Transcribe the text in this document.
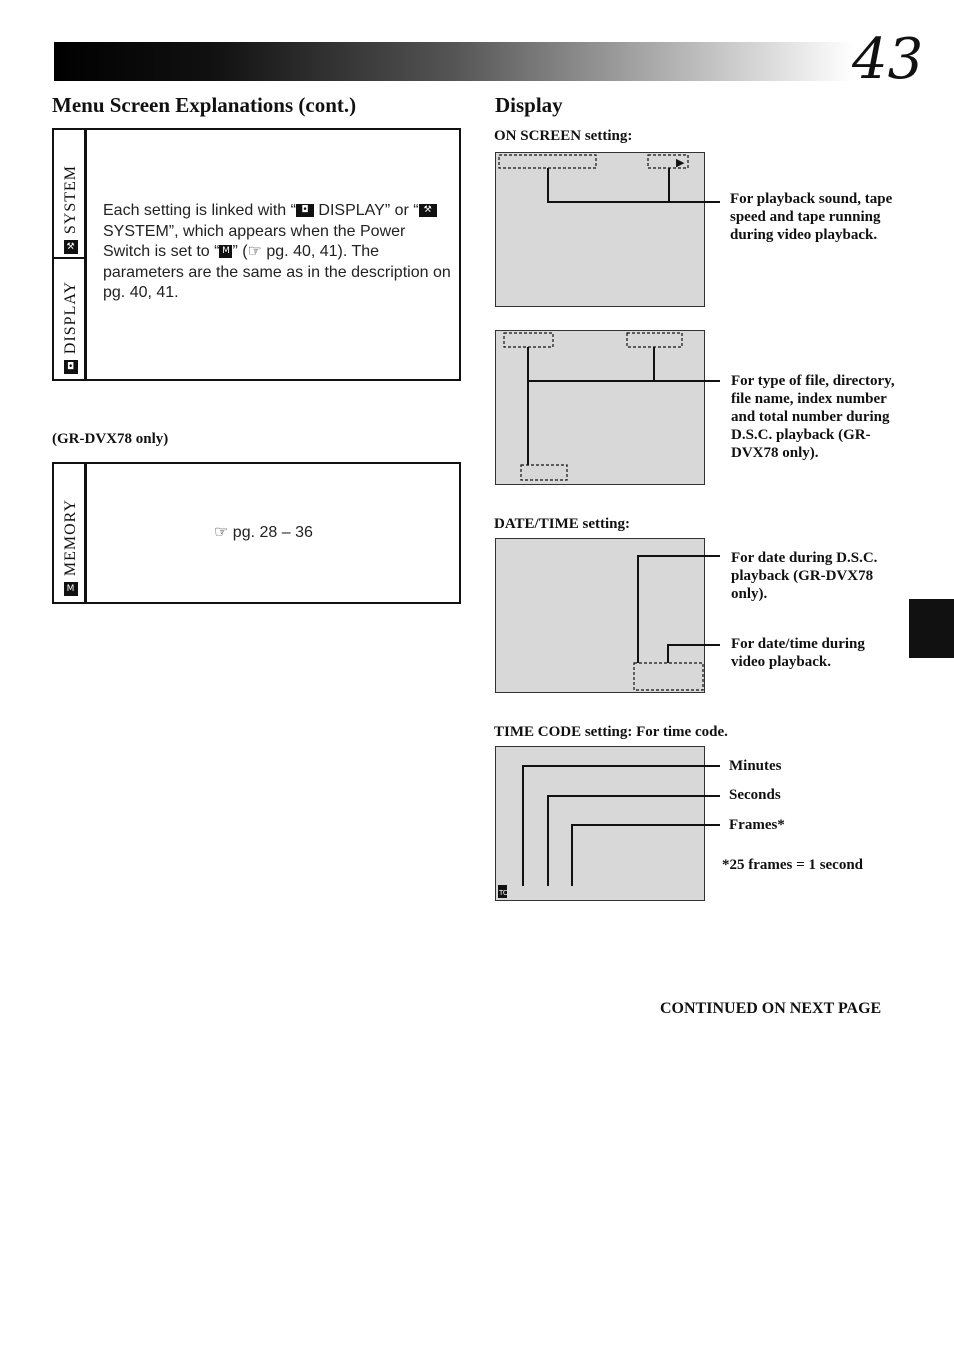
43
Menu Screen Explanations (cont.)
⚒
SYSTEM
◘
DISPLAY
Each setting is linked with “ ◘ DISPLAY” or “ ⚒ SYSTEM”, which appears when the Power Switch is set to “ M ” (☞ pg. 40, 41). The parameters are the same as in the description on pg. 40, 41.
(GR-DVX78 only)
M
MEMORY	☞ pg. 28 – 36
Display
ON SCREEN setting:
DATE/TIME setting:
TIME CODE setting: For time code.
▶
TC
For playback sound, tape speed and tape running during video playback.
For type of file, directory, file name, index number and total number during D.S.C. playback (GR-DVX78 only).
For date during D.S.C. playback (GR-DVX78 only).
For date/time during video playback.
Minutes
Seconds
Frames*
*25 frames = 1 second
CONTINUED ON NEXT PAGE
